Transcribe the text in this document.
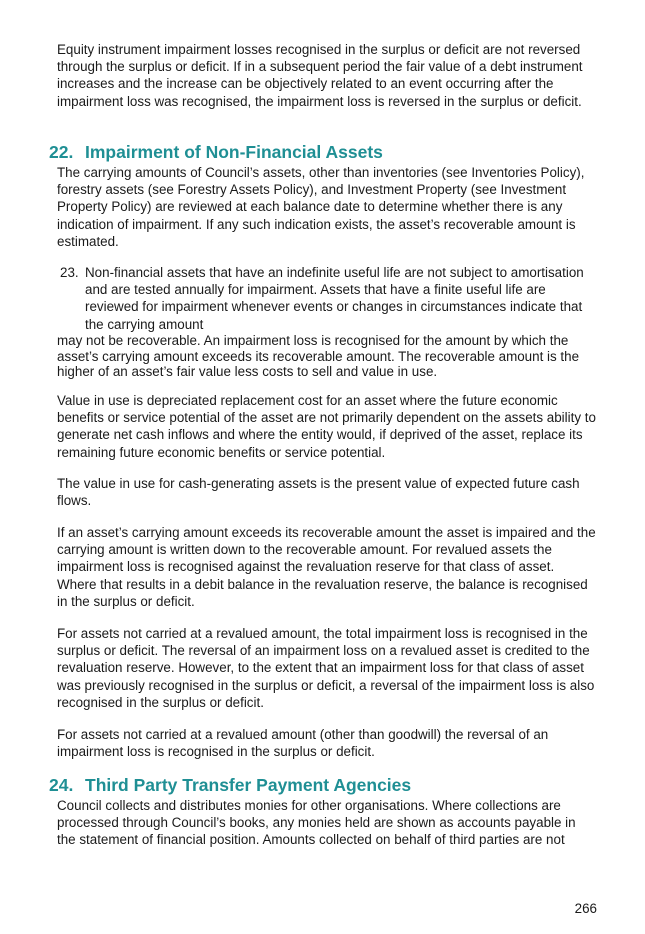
Equity instrument impairment losses recognised in the surplus or deficit are not reversed through the surplus or deficit. If in a subsequent period the fair value of a debt instrument increases and the increase can be objectively related to an event occurring after the impairment loss was recognised, the impairment loss is reversed in the surplus or deficit.

22. Impairment of Non-Financial Assets

The carrying amounts of Council’s assets, other than inventories (see Inventories Policy), forestry assets (see Forestry Assets Policy), and Investment Property (see Investment Property Policy) are reviewed at each balance date to determine whether there is any indication of impairment. If any such indication exists, the asset’s recoverable amount is estimated.

23. Non-financial assets that have an indefinite useful life are not subject to amortisation and are tested annually for impairment. Assets that have a finite useful life are reviewed for impairment whenever events or changes in circumstances indicate that the carrying amount

may not be recoverable. An impairment loss is recognised for the amount by which the asset’s carrying amount exceeds its recoverable amount. The recoverable amount is the higher of an asset’s fair value less costs to sell and value in use.

Value in use is depreciated replacement cost for an asset where the future economic benefits or service potential of the asset are not primarily dependent on the assets ability to generate net cash inflows and where the entity would, if deprived of the asset, replace its remaining future economic benefits or service potential.

The value in use for cash-generating assets is the present value of expected future cash flows.

If an asset’s carrying amount exceeds its recoverable amount the asset is impaired and the carrying amount is written down to the recoverable amount. For revalued assets the impairment loss is recognised against the revaluation reserve for that class of asset. Where that results in a debit balance in the revaluation reserve, the balance is recognised in the surplus or deficit.

For assets not carried at a revalued amount, the total impairment loss is recognised in the surplus or deficit. The reversal of an impairment loss on a revalued asset is credited to the revaluation reserve. However, to the extent that an impairment loss for that class of asset was previously recognised in the surplus or deficit, a reversal of the impairment loss is also recognised in the surplus or deficit.

For assets not carried at a revalued amount (other than goodwill) the reversal of an impairment loss is recognised in the surplus or deficit.

24. Third Party Transfer Payment Agencies

Council collects and distributes monies for other organisations. Where collections are processed through Council’s books, any monies held are shown as accounts payable in the statement of financial position. Amounts collected on behalf of third parties are not

266
